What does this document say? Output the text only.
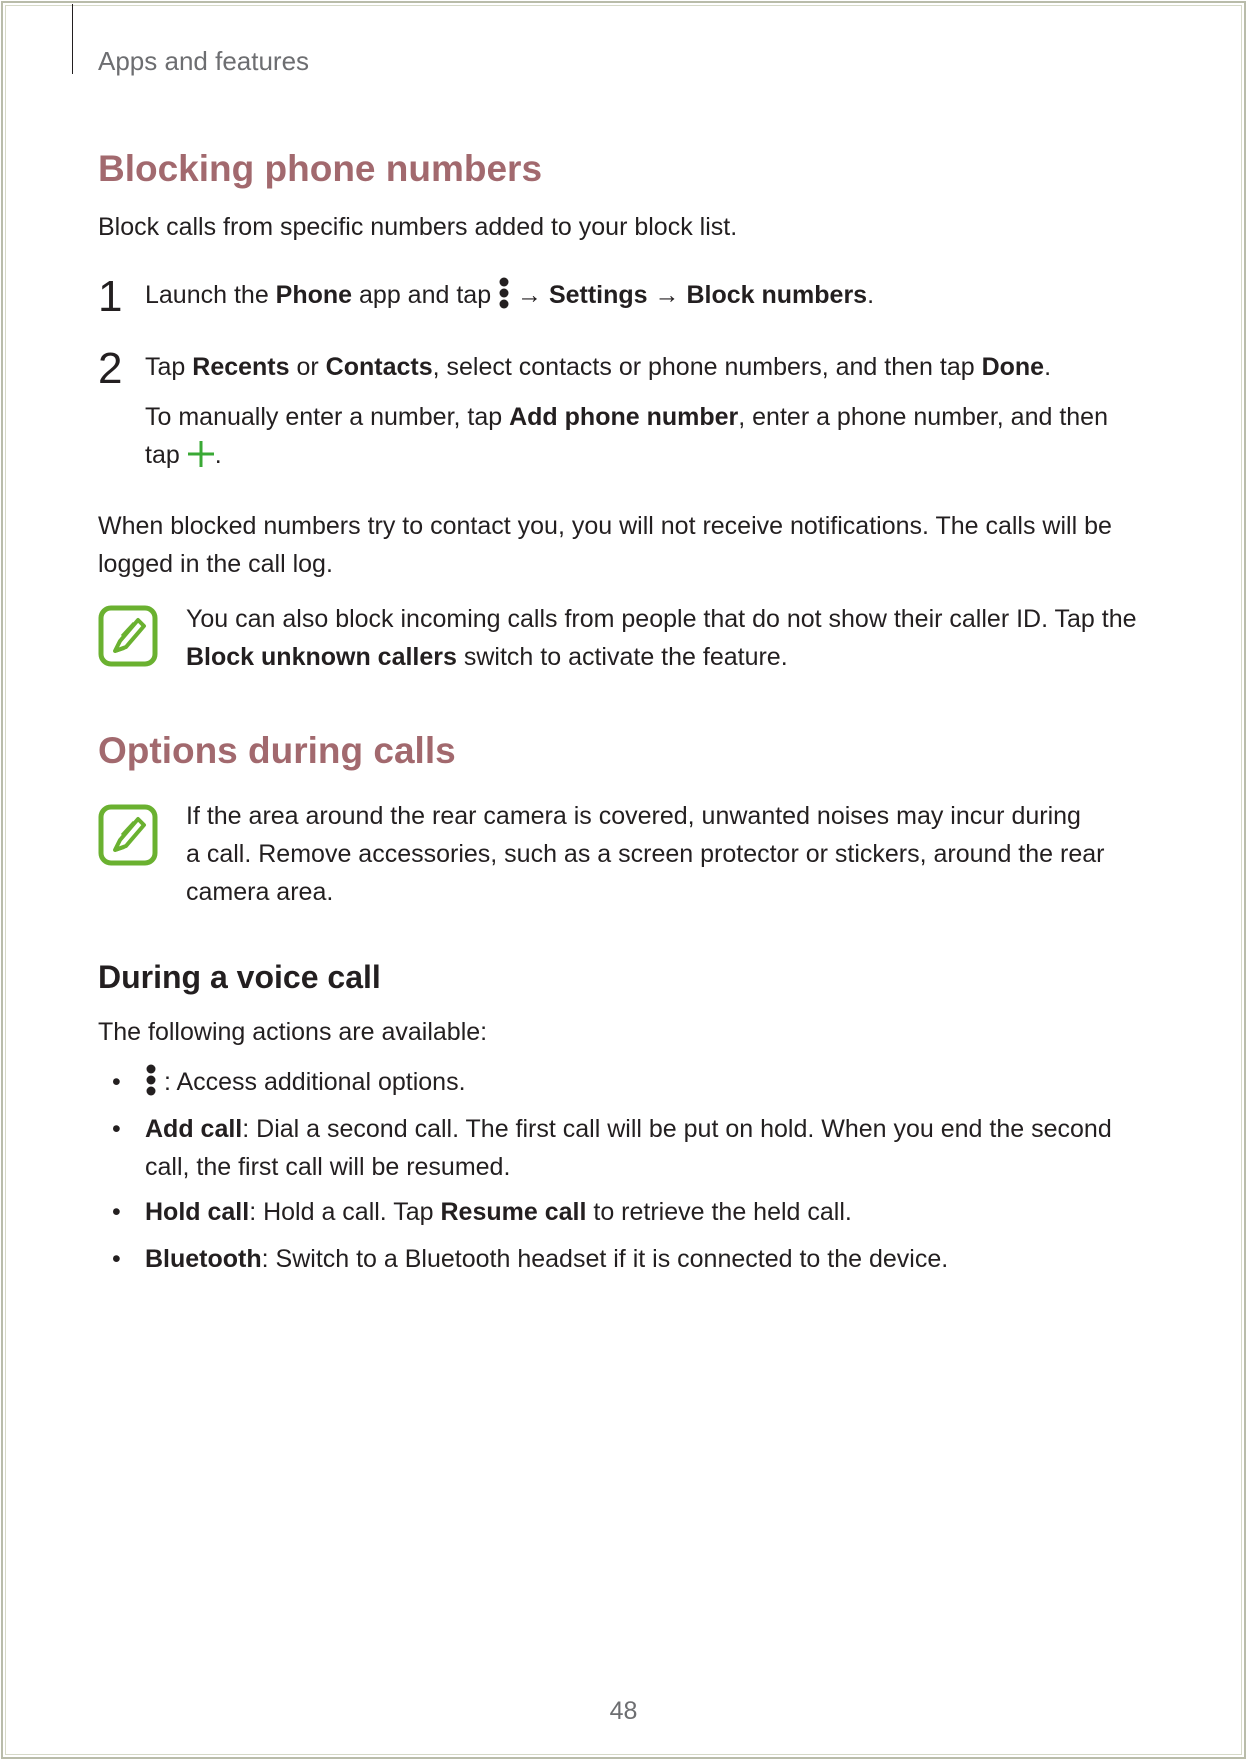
Apps and features
Blocking phone numbers
Block calls from specific numbers added to your block list.
1 Launch the Phone app and tap  → Settings → Block numbers.
2 Tap Recents or Contacts, select contacts or phone numbers, and then tap Done.
To manually enter a number, tap Add phone number, enter a phone number, and then
tap .
When blocked numbers try to contact you, you will not receive notifications. The calls will be
logged in the call log.
You can also block incoming calls from people that do not show their caller ID. Tap the
Block unknown callers switch to activate the feature.
Options during calls
If the area around the rear camera is covered, unwanted noises may incur during
a call. Remove accessories, such as a screen protector or stickers, around the rear
camera area.
During a voice call
The following actions are available:
•	: Access additional options.
• Add call: Dial a second call. The first call will be put on hold. When you end the second
call, the first call will be resumed.
• Hold call: Hold a call. Tap Resume call to retrieve the held call.
• Bluetooth: Switch to a Bluetooth headset if it is connected to the device.
48
